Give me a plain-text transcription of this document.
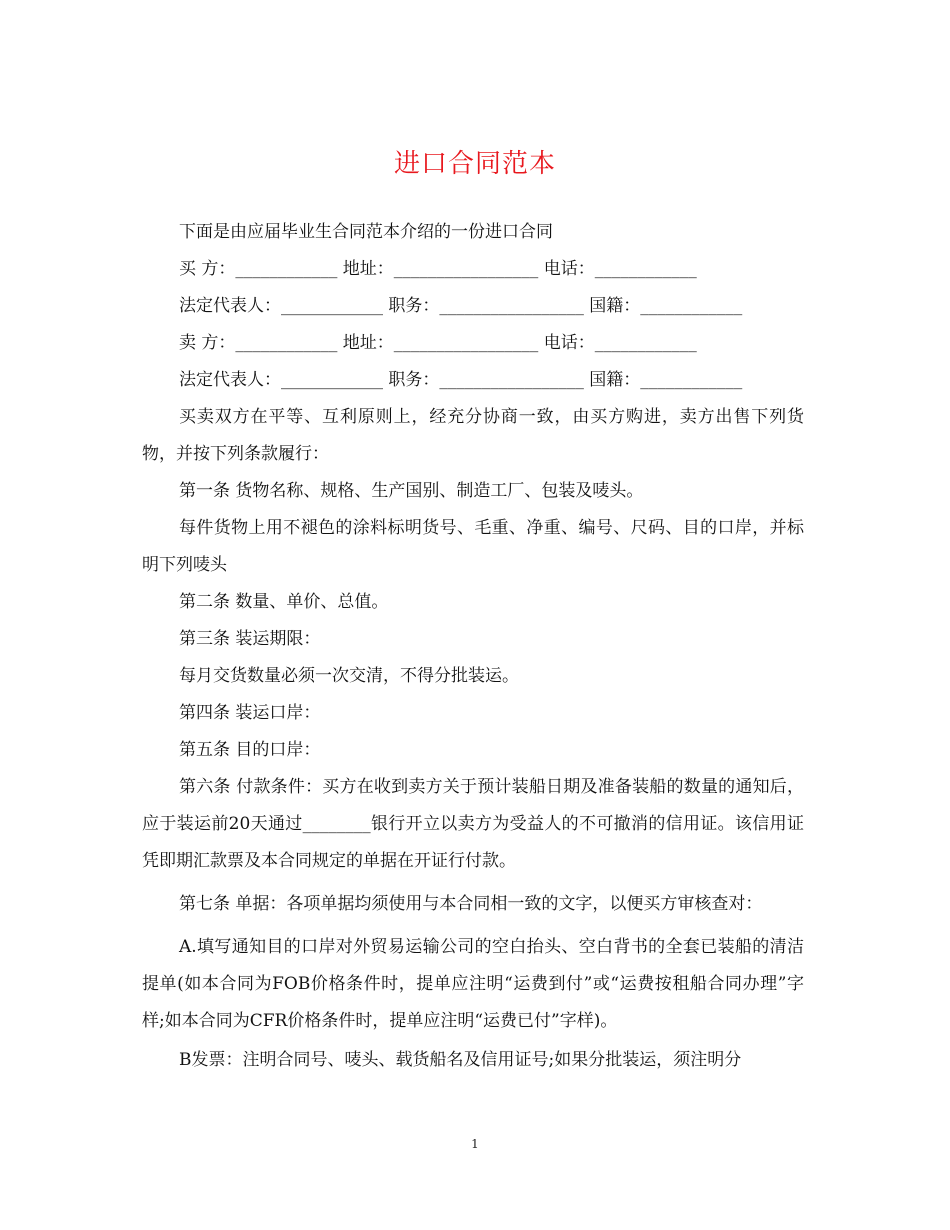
进口合同范本

下面是由应届毕业生合同范本介绍的一份进口合同

买 方：____________ 地址：_________________ 电话：____________

法定代表人：____________ 职务：_________________ 国籍：____________

卖 方：____________ 地址：_________________ 电话：____________

法定代表人：____________ 职务：_________________ 国籍：____________

买卖双方在平等、互利原则上，经充分协商一致，由买方购进，卖方出售下列货物，并按下列条款履行：

第一条 货物名称、规格、生产国别、制造工厂、包装及唛头。

每件货物上用不褪色的涂料标明货号、毛重、净重、编号、尺码、目的口岸，并标明下列唛头

第二条 数量、单价、总值。

第三条 装运期限：

每月交货数量必须一次交清，不得分批装运。

第四条 装运口岸：

第五条 目的口岸：

第六条 付款条件：买方在收到卖方关于预计装船日期及准备装船的数量的通知后，应于装运前20天通过________银行开立以卖方为受益人的不可撤消的信用证。该信用证凭即期汇款票及本合同规定的单据在开证行付款。

第七条 单据：各项单据均须使用与本合同相一致的文字，以便买方审核查对：

A.填写通知目的口岸对外贸易运输公司的空白抬头、空白背书的全套已装船的清洁提单(如本合同为FOB价格条件时，提单应注明“运费到付”或“运费按租船合同办理”字样;如本合同为CFR价格条件时，提单应注明“运费已付”字样)。

B发票：注明合同号、唛头、载货船名及信用证号;如果分批装运，须注明分

1
